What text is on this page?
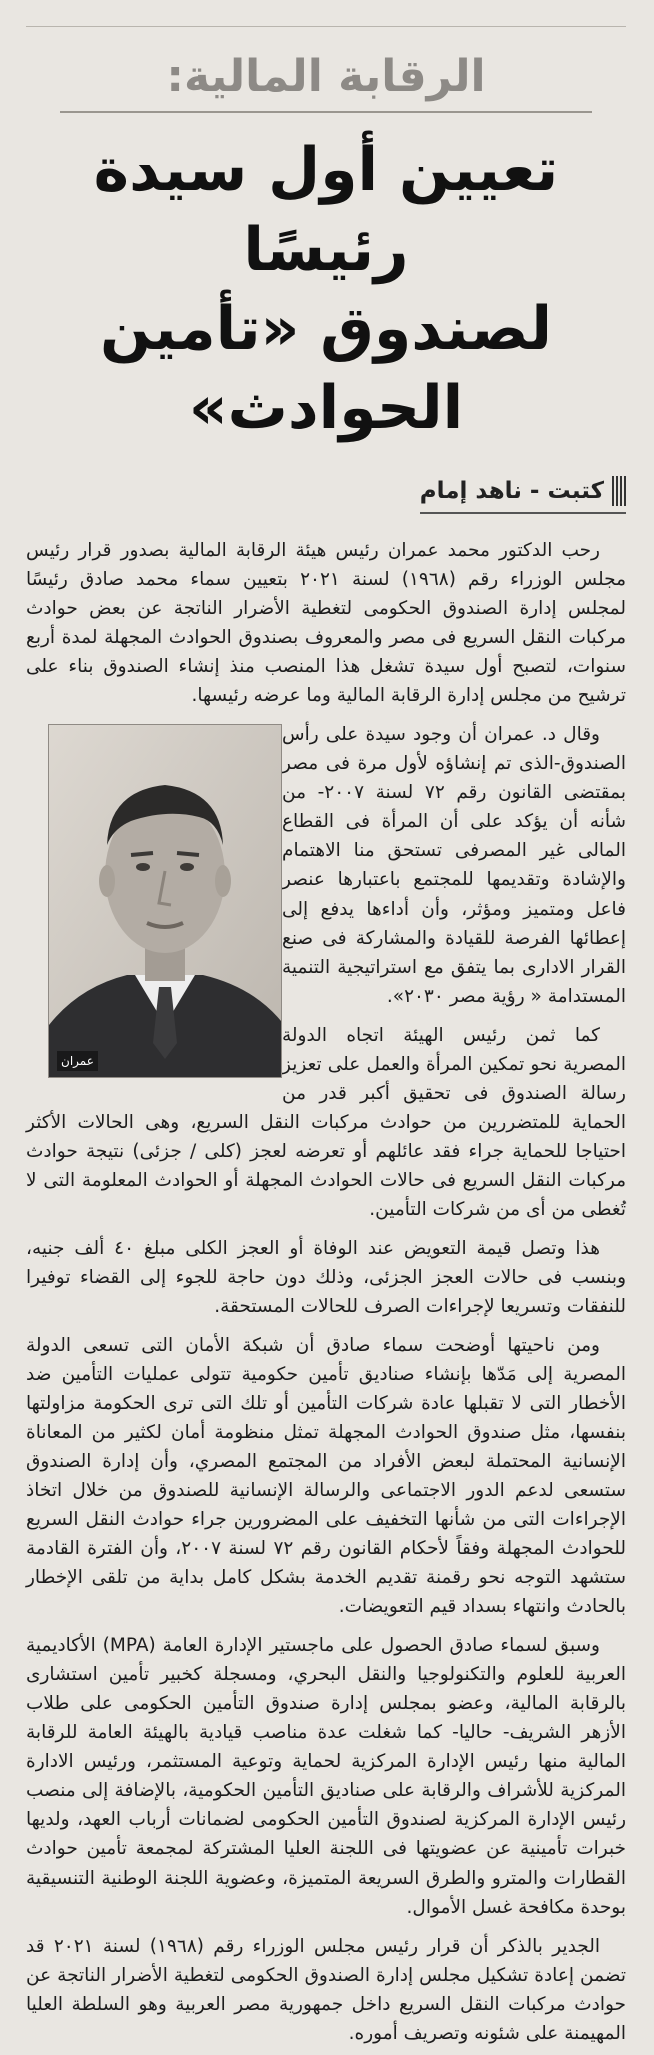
الرقابة المالية:
تعيين أول سيدة رئيسًا
لصندوق «تأمين الحوادث»
كتبت - ناهد إمام

رحب الدكتور محمد عمران رئيس هيئة الرقابة المالية بصدور قرار رئيس مجلس الوزراء رقم (١٩٦٨) لسنة ٢٠٢١ بتعيين سماء محمد صادق رئيسًا لمجلس إدارة الصندوق الحكومى لتغطية الأضرار الناتجة عن بعض حوادث مركبات النقل السريع فى مصر والمعروف بصندوق الحوادث المجهلة لمدة أربع سنوات، لتصبح أول سيدة تشغل هذا المنصب منذ إنشاء الصندوق بناء على ترشيح من مجلس إدارة الرقابة المالية وما عرضه رئيسها.

عمران

وقال د. عمران أن وجود سيدة على رأس الصندوق-الذى تم إنشاؤه لأول مرة فى مصر بمقتضى القانون رقم ٧٢ لسنة ٢٠٠٧- من شأنه أن يؤكد على أن المرأة فى القطاع المالى غير المصرفى تستحق منا الاهتمام والإشادة وتقديمها للمجتمع باعتبارها عنصر فاعل ومتميز ومؤثر، وأن أداءها يدفع إلى إعطائها الفرصة للقيادة والمشاركة فى صنع القرار الادارى بما يتفق مع استراتيجية التنمية المستدامة « رؤية مصر ٢٠٣٠».

كما ثمن رئيس الهيئة اتجاه الدولة المصرية نحو تمكين المرأة والعمل على تعزيز رسالة الصندوق فى تحقيق أكبر قدر من الحماية للمتضررين من حوادث مركبات النقل السريع، وهى الحالات الأكثر احتياجا للحماية جراء فقد عائلهم أو تعرضه لعجز (كلى / جزئى) نتيجة حوادث مركبات النقل السريع فى حالات الحوادث المجهلة أو الحوادث المعلومة التى لا تُغطى من أى من شركات التأمين.

هذا وتصل قيمة التعويض عند الوفاة أو العجز الكلى مبلغ ٤٠ ألف جنيه، وبنسب فى حالات العجز الجزئى، وذلك دون حاجة للجوء إلى القضاء توفيرا للنفقات وتسريعا لإجراءات الصرف للحالات المستحقة.

ومن ناحيتها أوضحت سماء صادق أن شبكة الأمان التى تسعى الدولة المصرية إلى مَدّها بإنشاء صناديق تأمين حكومية تتولى عمليات التأمين ضد الأخطار التى لا تقبلها عادة شركات التأمين أو تلك التى ترى الحكومة مزاولتها بنفسها، مثل صندوق الحوادث المجهلة تمثل منظومة أمان لكثير من المعاناة الإنسانية المحتملة لبعض الأفراد من المجتمع المصري، وأن إدارة الصندوق ستسعى لدعم الدور الاجتماعى والرسالة الإنسانية للصندوق من خلال اتخاذ الإجراءات التى من شأنها التخفيف على المضرورين جراء حوادث النقل السريع للحوادث المجهلة وفقاً لأحكام القانون رقم ٧٢ لسنة ٢٠٠٧، وأن الفترة القادمة ستشهد التوجه نحو رقمنة تقديم الخدمة بشكل كامل بداية من تلقى الإخطار بالحادث وانتهاء بسداد قيم التعويضات.

وسبق لسماء صادق الحصول على ماجستير الإدارة العامة (MPA) الأكاديمية العربية للعلوم والتكنولوجيا والنقل البحري، ومسجلة كخبير تأمين استشارى بالرقابة المالية، وعضو بمجلس إدارة صندوق التأمين الحكومى على طلاب الأزهر الشريف- حاليا- كما شغلت عدة مناصب قيادية بالهيئة العامة للرقابة المالية منها رئيس الإدارة المركزية لحماية وتوعية المستثمر، ورئيس الادارة المركزية للأشراف والرقابة على صناديق التأمين الحكومية، بالإضافة إلى منصب رئيس الإدارة المركزية لصندوق التأمين الحكومى لضمانات أرباب العهد، ولديها خبرات تأمينية عن عضويتها فى اللجنة العليا المشتركة لمجمعة تأمين حوادث القطارات والمترو والطرق السريعة المتميزة، وعضوية اللجنة الوطنية التنسيقية بوحدة مكافحة غسل الأموال.

الجدير بالذكر أن قرار رئيس مجلس الوزراء رقم (١٩٦٨) لسنة ٢٠٢١ قد تضمن إعادة تشكيل مجلس إدارة الصندوق الحكومى لتغطية الأضرار الناتجة عن حوادث مركبات النقل السريع داخل جمهورية مصر العربية وهو السلطة العليا المهيمنة على شئونه وتصريف أموره.
